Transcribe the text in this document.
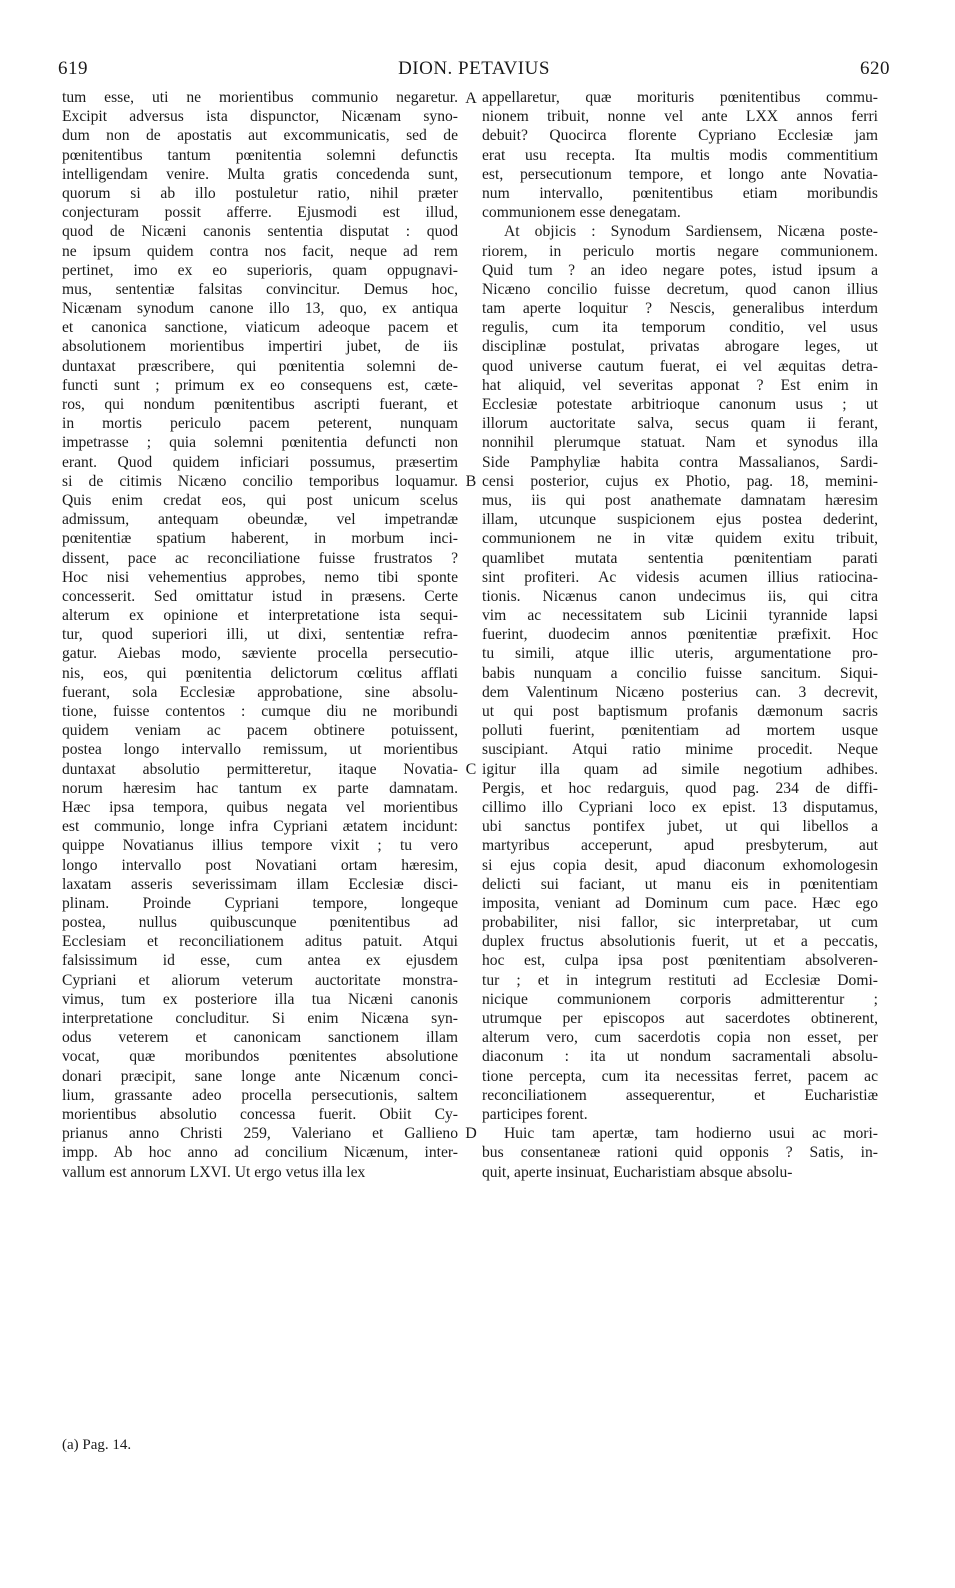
619	DION. PETAVIUS	620
tum esse, uti ne morientibus communio negaretur.
Excipit adversus ista dispunctor, Nicænam syno-
dum non de apostatis aut excommunicatis, sed de
pœnitentibus tantum pœnitentia solemni defunctis
intelligendam venire. Multa gratis concedenda sunt,
quorum si ab illo postuletur ratio, nihil præter
conjecturam possit afferre. Ejusmodi est illud,
quod de Nicæni canonis sententia disputat : quod
ne ipsum quidem contra nos facit, neque ad rem
pertinet, imo ex eo superioris, quam oppugnavi-
mus, sententiæ falsitas convincitur. Demus hoc,
Nicænam synodum canone illo 13, quo, ex antiqua
et canonica sanctione, viaticum adeoque pacem et
absolutionem morientibus impertiri jubet, de iis
duntaxat præscribere, qui pœnitentia solemni de-
functi sunt ; primum ex eo consequens est, cæte-
ros, qui nondum pœnitentibus ascripti fuerant, et
in mortis periculo pacem peterent, nunquam
impetrasse ; quia solemni pœnitentia defuncti non
erant. Quod quidem inficiari possumus, præsertim
si de citimis Nicæno concilio temporibus loquamur.
Quis enim credat eos, qui post unicum scelus
admissum, antequam obeundæ, vel impetrandæ
pœnitentiæ spatium haberent, in morbum inci-
dissent, pace ac reconciliatione fuisse frustratos ?
Hoc nisi vehementius approbes, nemo tibi sponte
concesserit. Sed omittatur istud in præsens. Certe
alterum ex opinione et interpretatione ista sequi-
tur, quod superiori illi, ut dixi, sententiæ refra-
gatur. Aiebas modo, sæviente procella persecutio-
nis, eos, qui pœnitentia delictorum cœlitus afflati
fuerant, sola Ecclesiæ approbatione, sine absolu-
tione, fuisse contentos : cumque diu ne moribundi
quidem veniam ac pacem obtinere potuissent,
postea longo intervallo remissum, ut morientibus
duntaxat absolutio permitteretur, itaque Novatia-
norum hæresim hac tantum ex parte damnatam.
Hæc ipsa tempora, quibus negata vel morientibus
est communio, longe infra Cypriani ætatem incidunt:
quippe Novatianus illius tempore vixit ; tu vero
longo intervallo post Novatiani ortam hæresim,
laxatam asseris severissimam illam Ecclesiæ disci-
plinam. Proinde Cypriani tempore, longeque
postea, nullus quibuscunque pœnitentibus ad
Ecclesiam et reconciliationem aditus patuit. Atqui
falsissimum id esse, cum antea ex ejusdem
Cypriani et aliorum veterum auctoritate monstra-
vimus, tum ex posteriore illa tua Nicæni canonis
interpretatione concluditur. Si enim Nicæna syn-
odus veterem et canonicam sanctionem illam
vocat, quæ moribundos pœnitentes absolutione
donari præcipit, sane longe ante Nicænum conci-
lium, grassante adeo procella persecutionis, saltem
morientibus absolutio concessa fuerit. Obiit Cy-
prianus anno Christi 259, Valeriano et Gallieno
impp. Ab hoc anno ad concilium Nicænum, inter-
vallum est annorum LXVI. Ut ergo vetus illa lex
appellaretur, quæ morituris pœnitentibus commu-
nionem tribuit, nonne vel ante LXX annos ferri
debuit? Quocirca florente Cypriano Ecclesiæ jam
erat usu recepta. Ita multis modis commentitium
est, persecutionum tempore, et longo ante Novatia-
num intervallo, pœnitentibus etiam moribundis
communionem esse denegatam.
At objicis : Synodum Sardiensem, Nicæna poste-
riorem, in periculo mortis negare communionem.
Quid tum ? an ideo negare potes, istud ipsum a
Nicæno concilio fuisse decretum, quod canon illius
tam aperte loquitur ? Nescis, generalibus interdum
regulis, cum ita temporum conditio, vel usus
disciplinæ postulat, privatas abrogare leges, ut
quod universe cautum fuerat, ei vel æquitas detra-
hat aliquid, vel severitas apponat ? Est enim in
Ecclesiæ potestate arbitrioque canonum usus ; ut
illorum auctoritate salva, secus quam ii ferant,
nonnihil plerumque statuat. Nam et synodus illa
Side Pamphyliæ habita contra Massalianos, Sardi-
censi posterior, cujus ex Photio, pag. 18, memini-
mus, iis qui post anathemate damnatam hæresim
illam, utcunque suspicionem ejus postea dederint,
communionem ne in vitæ quidem exitu tribuit,
quamlibet mutata sententia pœnitentiam parati
sint profiteri. Ac videsis acumen illius ratiocina-
tionis. Nicænus canon undecimus iis, qui citra
vim ac necessitatem sub Licinii tyrannide lapsi
fuerint, duodecim annos pœnitentiæ præfixit. Hoc
tu simili, atque illic uteris, argumentatione pro-
babis nunquam a concilio fuisse sancitum. Siqui-
dem Valentinum Nicæno posterius can. 3 decrevit,
ut qui post baptismum profanis dæmonum sacris
polluti fuerint, pœnitentiam ad mortem usque
suscipiant. Atqui ratio minime procedit. Neque
igitur illa quam ad simile negotium adhibes.
Pergis, et hoc redarguis, quod pag. 234 de diffi-
cillimo illo Cypriani loco ex epist. 13 disputamus,
ubi sanctus pontifex jubet, ut qui libellos a
martyribus acceperunt, apud presbyterum, aut
si ejus copia desit, apud diaconum exhomologesin
delicti sui faciant, ut manu eis in pœnitentiam
imposita, veniant ad Dominum cum pace. Hæc ego
probabiliter, nisi fallor, sic interpretabar, ut cum
duplex fructus absolutionis fuerit, ut et a peccatis,
hoc est, culpa ipsa post pœnitentiam absolveren-
tur ; et in integrum restituti ad Ecclesiæ Domi-
nicique communionem corporis admitterentur ;
utrumque per episcopos aut sacerdotes obtinerent,
alterum vero, cum sacerdotis copia non esset, per
diaconum : ita ut nondum sacramentali absolu-
tione percepta, cum ita necessitas ferret, pacem ac
reconciliationem assequerentur, et Eucharistiæ
participes forent.
Huic tam apertæ, tam hodierno usui ac mori-
bus consentaneæ rationi quid opponis ? Satis, in-
quit, aperte insinuat, Eucharistiam absque absolu-
A
B
C
D
(a) Pag. 14.
